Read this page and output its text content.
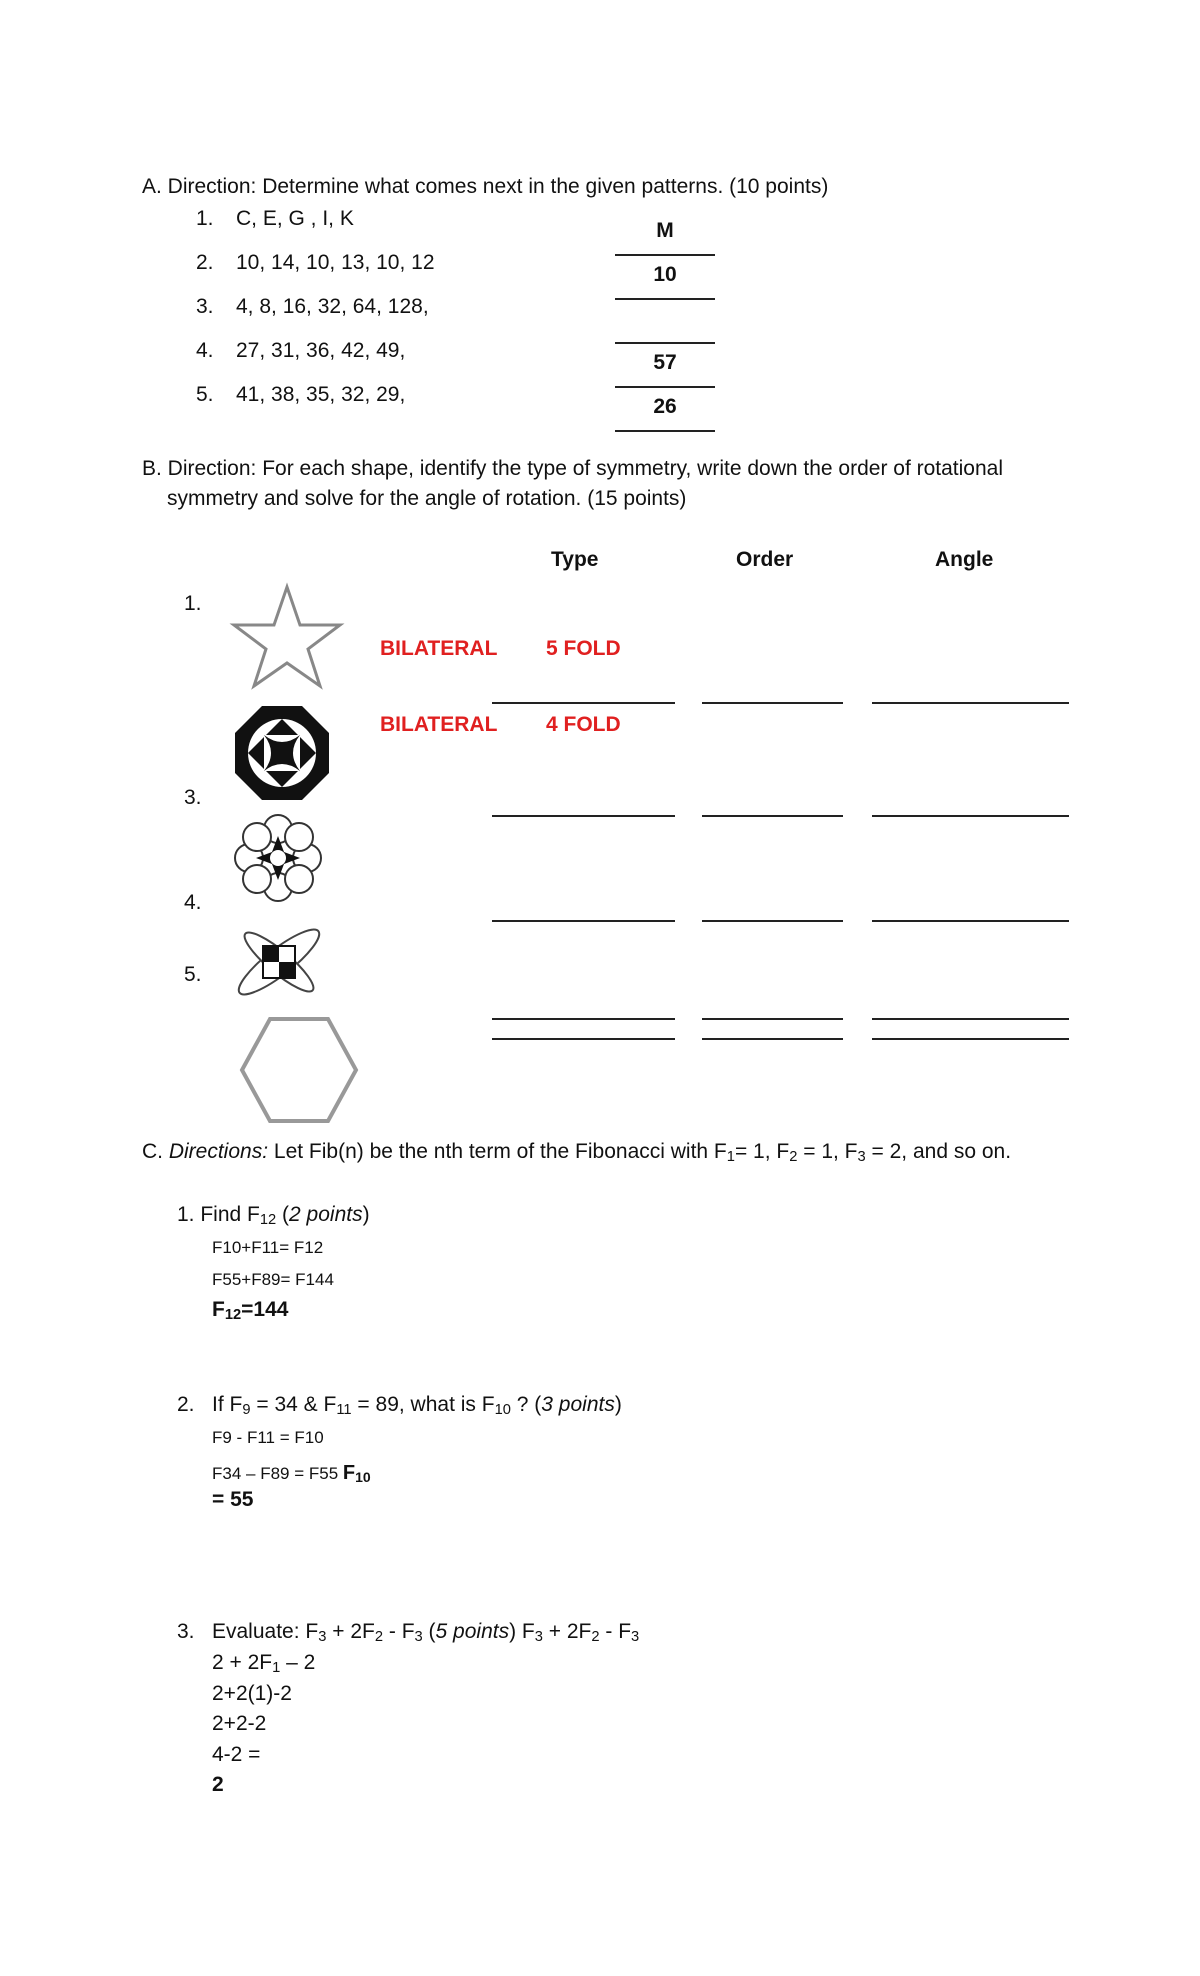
A. Direction: Determine what comes next in the given patterns. (10 points)
1. C, E, G , I, K
2. 10, 14, 10, 13, 10, 12
3. 4, 8, 16, 32, 64, 128,
4. 27, 31, 36, 42, 49,
5. 41, 38, 35, 32, 29,
M
10
57
26
B. Direction: For each shape, identify the type of symmetry, write down the order of rotational
symmetry and solve for the angle of rotation. (15 points)
Type	Order	Angle
1.
3.
4.
5.
BILATERAL 5 FOLD
BILATERAL 4 FOLD
C. Directions: Let Fib(n) be the nth term of the Fibonacci with $F_1= 1$, $F_2 = 1$, $F_3 = 2$, and so on.
1. Find $F_{12}$ (2 points)
F10+F11= F12
F55+F89= F144
$F_{12}=144$
2. If $F_9 = 34$ & $F_{11} = 89$, what is $F_{10}$ ? (3 points)
F9 - F11 = F10
F34 – F89 = F55 $F_{10}$
= 55
3. Evaluate: $F_3 + 2F_2 - F_3$ (5 points) $F_3 + 2F_2 - F_3$
$2 + 2F_1 - 2$
2+2(1)-2
2+2-2
4-2 =
2
